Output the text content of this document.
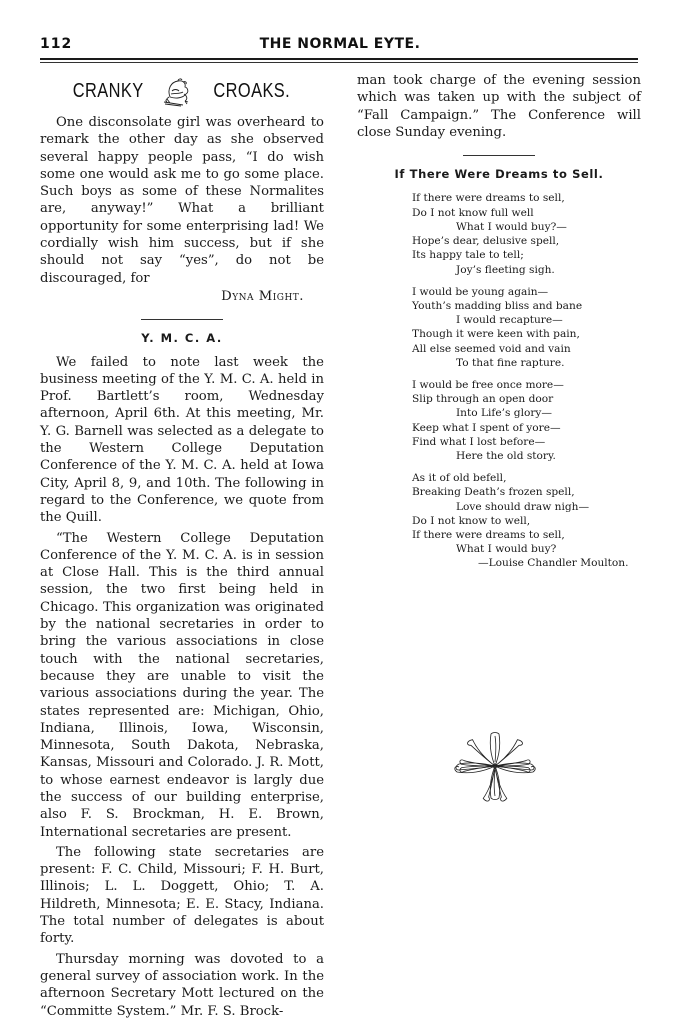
112	THE NORMAL EYTE.
CRANKY	CROAKS.

One disconsolate girl was overheard to remark the other day as she observed several happy people pass, “I do wish some one would ask me to go some place. Such boys as some of these Normalites are, anyway!” What a brilliant opportunity for some enterprising lad! We cordially wish him success, but if she should not say “yes”, do not be discouraged, for

Dyna Might.
Y. M. C. A.

We failed to note last week the business meeting of the Y. M. C. A. held in Prof. Bartlett’s room, Wednesday afternoon, April 6th. At this meeting, Mr. Y. G. Barnell was selected as a delegate to the Western College Deputation Conference of the Y. M. C. A. held at Iowa City, April 8, 9, and 10th. The following in regard to the Conference, we quote from the Quill.

“The Western College Deputation Conference of the Y. M. C. A. is in session at Close Hall. This is the third annual session, the two first being held in Chicago. This organization was originated by the national secretaries in order to bring the various associations in close touch with the national secretaries, because they are unable to visit the various associations during the year. The states represented are: Michigan, Ohio, Indiana, Illinois, Iowa, Wisconsin, Minnesota, South Dakota, Nebraska, Kansas, Missouri and Colorado. J. R. Mott, to whose earnest endeavor is largly due the success of our building enterprise, also F. S. Brockman, H. E. Brown, International secretaries are present.

The following state secretaries are present: F. C. Child, Missouri; F. H. Burt, Illinois; L. L. Doggett, Ohio; T. A. Hildreth, Minnesota; E. E. Stacy, Indiana. The total number of delegates is about forty.

Thursday morning was dovoted to a general survey of association work. In the afternoon Secretary Mott lectured on the “Committe System.” Mr. F. S. Brock-

man took charge of the evening session which was taken up with the subject of “Fall Campaign.” The Conference will close Sunday evening.

If There Were Dreams to Sell.
If there were dreams to sell,
Do I not know full well
What I would buy?—
Hope’s dear, delusive spell,
Its happy tale to tell;
Joy’s fleeting sigh.
I would be young again—
Youth’s madding bliss and bane
I would recapture—
Though it were keen with pain,
All else seemed void and vain
To that fine rapture.
I would be free once more—
Slip through an open door
Into Life’s glory—
Keep what I spent of yore—
Find what I lost before—
Here the old story.
As it of old befell,
Breaking Death’s frozen spell,
Love should draw nigh—
Do I not know to well,
If there were dreams to sell,
What I would buy?
—Louise Chandler Moulton.
